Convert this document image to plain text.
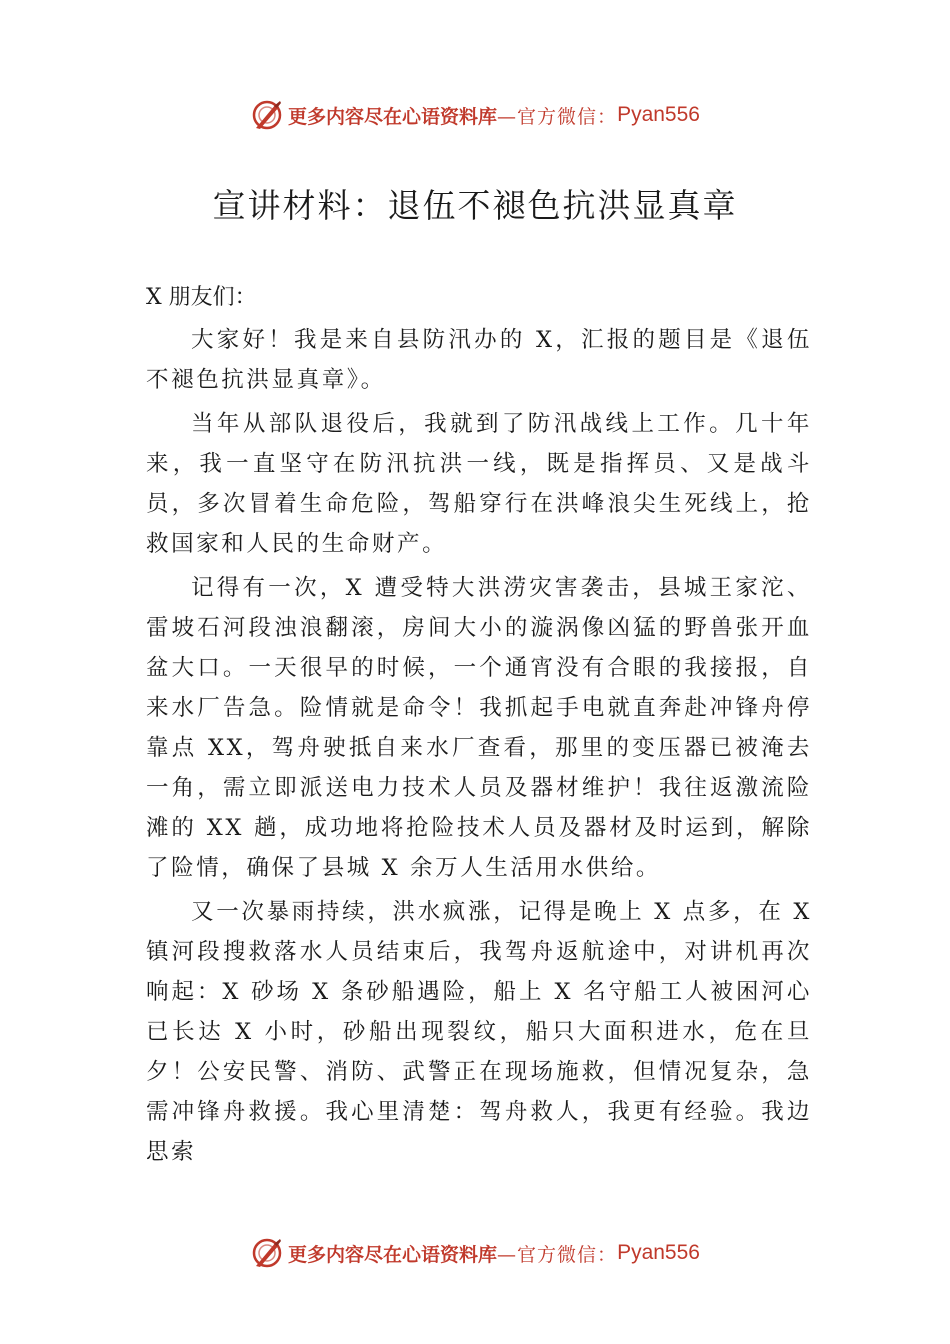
更多内容尽在心语资料库 —官方微信： Pyan556
宣讲材料：退伍不褪色抗洪显真章

X 朋友们：

大家好！我是来自县防汛办的 X，汇报的题目是《退伍不褪色抗洪显真章》。

当年从部队退役后，我就到了防汛战线上工作。几十年来，我一直坚守在防汛抗洪一线，既是指挥员、又是战斗员，多次冒着生命危险，驾船穿行在洪峰浪尖生死线上，抢救国家和人民的生命财产。

记得有一次，X 遭受特大洪涝灾害袭击，县城王家沱、雷坡石河段浊浪翻滚，房间大小的漩涡像凶猛的野兽张开血盆大口。一天很早的时候，一个通宵没有合眼的我接报，自来水厂告急。险情就是命令！我抓起手电就直奔赴冲锋舟停靠点 XX，驾舟驶抵自来水厂查看，那里的变压器已被淹去一角，需立即派送电力技术人员及器材维护！我往返激流险滩的 XX 趟，成功地将抢险技术人员及器材及时运到，解除了险情，确保了县城 X 余万人生活用水供给。

又一次暴雨持续，洪水疯涨，记得是晚上 X 点多，在 X 镇河段搜救落水人员结束后，我驾舟返航途中，对讲机再次响起：X 砂场 X 条砂船遇险，船上 X 名守船工人被困河心已长达 X 小时，砂船出现裂纹，船只大面积进水，危在旦夕！公安民警、消防、武警正在现场施救，但情况复杂，急需冲锋舟救援。我心里清楚：驾舟救人，我更有经验。我边思索

更多内容尽在心语资料库 —官方微信： Pyan556
